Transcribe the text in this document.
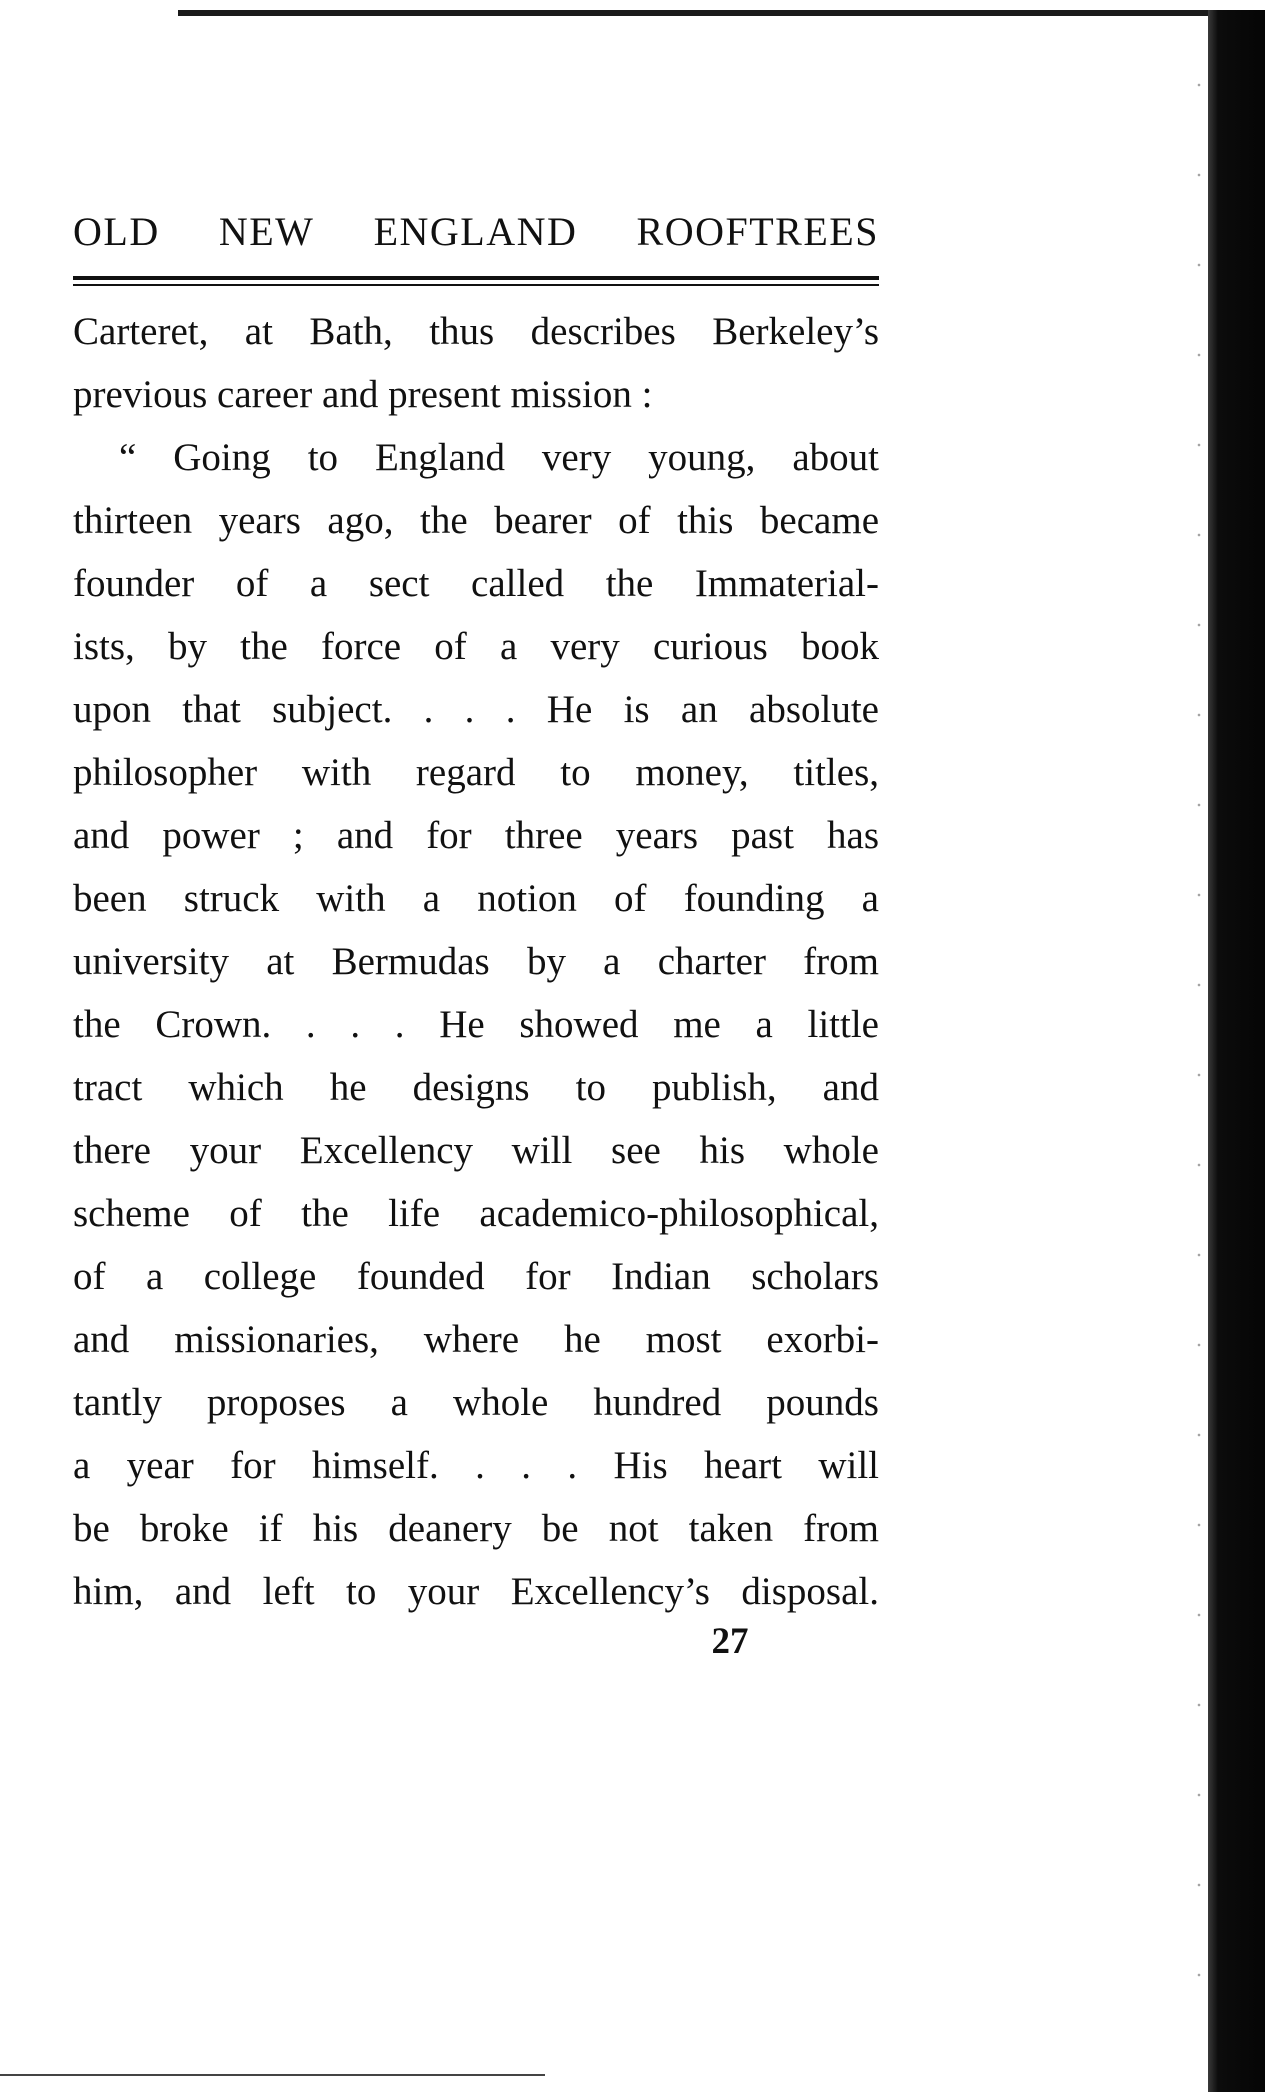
OLD NEW ENGLAND ROOFTREES
Carteret, at Bath, thus describes Berkeley’s
previous career and present mission :
“ Going to England very young, about
thirteen years ago, the bearer of this became
founder of a sect called the Immaterial-
ists, by the force of a very curious book
upon that subject. . . . He is an absolute
philosopher with regard to money, titles,
and power ; and for three years past has
been struck with a notion of founding a
university at Bermudas by a charter from
the Crown. . . . He showed me a little
tract which he designs to publish, and
there your Excellency will see his whole
scheme of the life academico-philosophical,
of a college founded for Indian scholars
and missionaries, where he most exorbi-
tantly proposes a whole hundred pounds
a year for himself. . . . His heart will
be broke if his deanery be not taken from
him, and left to your Excellency’s disposal.
27
